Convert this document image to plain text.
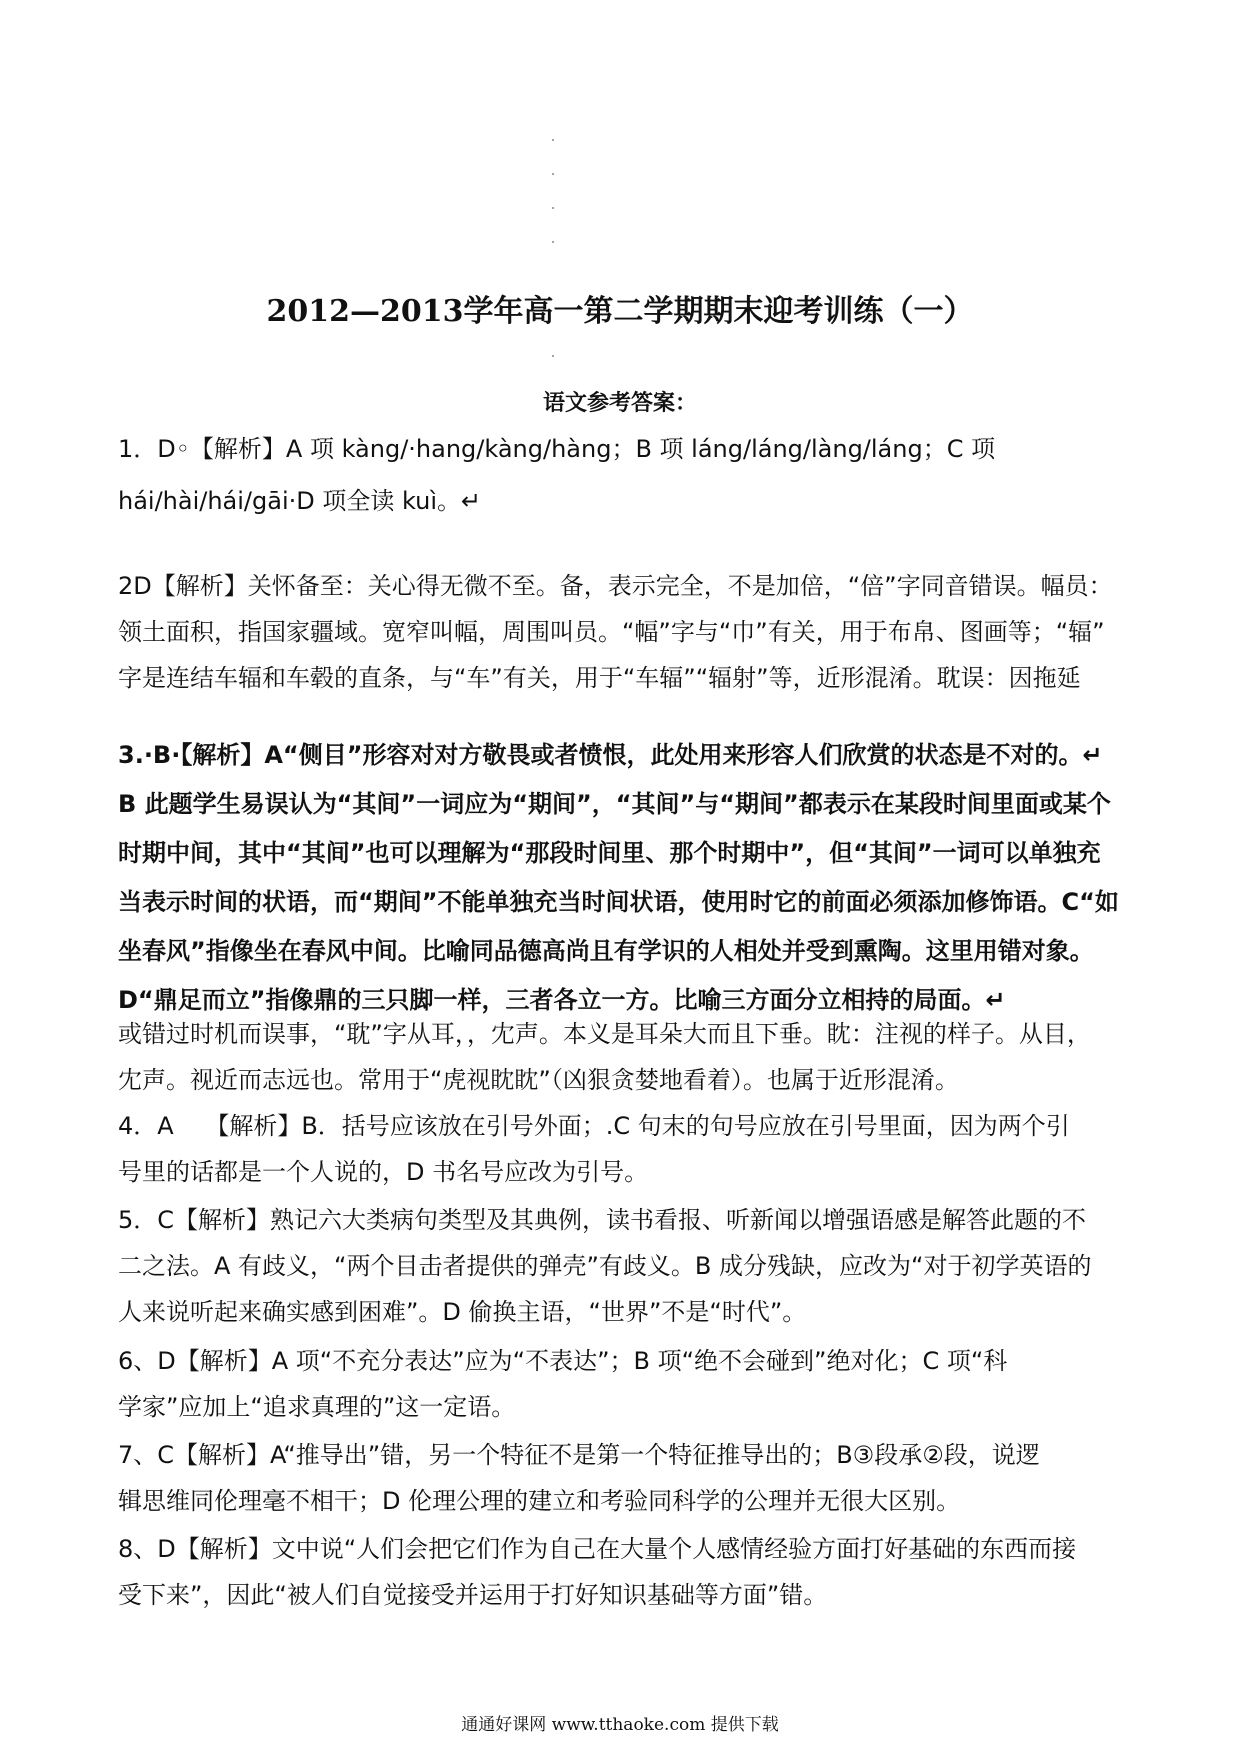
2012—2013学年高一第二学期期末迎考训练（一）
语文参考答案：
1．D◦【解析】A 项 kàng/·hang/kàng/hàng；B 项 láng/láng/làng/láng；C 项
hái/hài/hái/gāi·D 项全读 kuì。↵
2D【解析】关怀备至：关心得无微不至。备，表示完全，不是加倍，“倍”字同音错误。幅员：
领土面积，指国家疆域。宽窄叫幅，周围叫员。“幅”字与“巾”有关，用于布帛、图画等；“辐”
字是连结车辐和车毂的直条，与“车”有关，用于“车辐”“辐射”等，近形混淆。耽误：因拖延
3.·B·【解析】A“侧目”形容对对方敬畏或者愤恨，此处用来形容人们欣赏的状态是不对的。↵
B 此题学生易误认为“其间”一词应为“期间”，“其间”与“期间”都表示在某段时间里面或某个
时期中间，其中“其间”也可以理解为“那段时间里、那个时期中”，但“其间”一词可以单独充
当表示时间的状语，而“期间”不能单独充当时间状语，使用时它的前面必须添加修饰语。C“如
坐春风”指像坐在春风中间。比喻同品德高尚且有学识的人相处并受到熏陶。这里用错对象。
D“鼎足而立”指像鼎的三只脚一样，三者各立一方。比喻三方面分立相持的局面。↵
或错过时机而误事，“耽”字从耳，，冘声。本义是耳朵大而且下垂。眈：注视的样子。从目，
冘声。视近而志远也。常用于“虎视眈眈”（凶狠贪婪地看着）。也属于近形混淆。
4．A　 【解析】B．括号应该放在引号外面；.C 句末的句号应放在引号里面，因为两个引
号里的话都是一个人说的，D 书名号应改为引号。
5．C【解析】熟记六大类病句类型及其典例，读书看报、听新闻以增强语感是解答此题的不
二之法。A 有歧义，“两个目击者提供的弹壳”有歧义。B 成分残缺，应改为“对于初学英语的
人来说听起来确实感到困难”。D 偷换主语，“世界”不是“时代”。
6、D【解析】A 项“不充分表达”应为“不表达”；B 项“绝不会碰到”绝对化；C 项“科
学家”应加上“追求真理的”这一定语。
7、C【解析】A“推导出”错，另一个特征不是第一个特征推导出的；B③段承②段，说逻
辑思维同伦理毫不相干；D 伦理公理的建立和考验同科学的公理并无很大区别。
通通好课网 www.tthaoke.com 提供下载
8、D【解析】文中说“人们会把它们作为自己在大量个人感情经验方面打好基础的东西而接
受下来”，因此“被人们自觉接受并运用于打好知识基础等方面”错。
